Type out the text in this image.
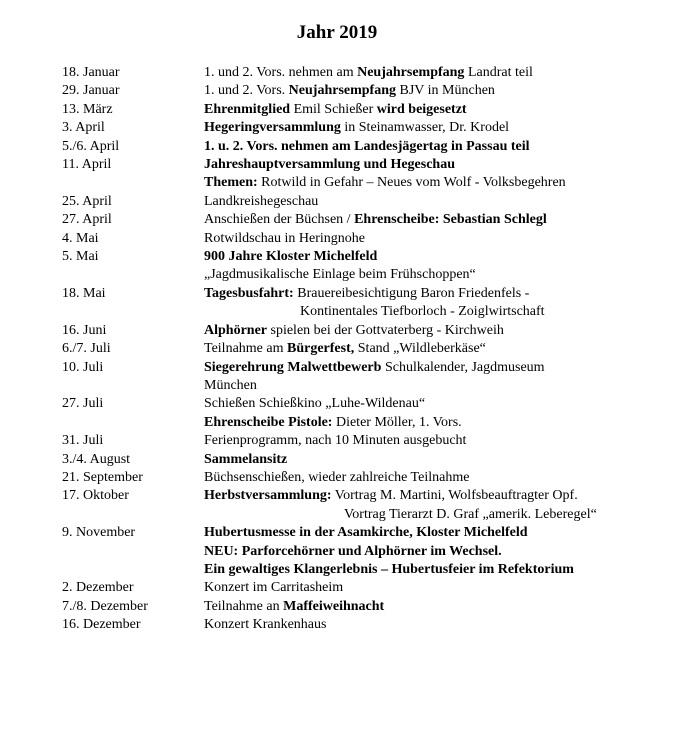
Jahr 2019
18. Januar	1. und 2. Vors. nehmen am Neujahrsempfang Landrat teil
29. Januar	1. und 2. Vors. Neujahrsempfang BJV in München
13. März	Ehrenmitglied Emil Schießer wird beigesetzt
3. April	Hegeringversammlung in Steinamwasser, Dr. Krodel
5./6. April	1. u. 2. Vors. nehmen am Landesjägertag in Passau teil
11. April	Jahreshauptversammlung und Hegeschau
Themen: Rotwild in Gefahr – Neues vom Wolf - Volksbegehren
25. April	Landkreishegeschau
27. April	Anschießen der Büchsen / Ehrenscheibe: Sebastian Schlegl
4. Mai	Rotwildschau in Heringnohe
5. Mai	900 Jahre Kloster Michelfeld
„Jagdmusikalische Einlage beim Frühschoppen“
18. Mai	Tagesbusfahrt: Brauereibesichtigung Baron Friedenfels -
Kontinentales Tiefborloch - Zoiglwirtschaft
16. Juni	Alphörner spielen bei der Gottvaterberg - Kirchweih
6./7. Juli	Teilnahme am Bürgerfest, Stand „Wildleberkäse“
10. Juli	Siegerehrung Malwettbewerb Schulkalender, Jagdmuseum
München
27. Juli	Schießen Schießkino „Luhe-Wildenau“
Ehrenscheibe Pistole: Dieter Möller, 1. Vors.
31. Juli	Ferienprogramm, nach 10 Minuten ausgebucht
3./4. August	Sammelansitz
21. September	Büchsenschießen, wieder zahlreiche Teilnahme
17. Oktober	Herbstversammlung: Vortrag M. Martini, Wolfsbeauftragter Opf.
Vortrag Tierarzt D. Graf „amerik. Leberegel“
9. November	Hubertusmesse in der Asamkirche, Kloster Michelfeld
NEU: Parforcehörner und Alphörner im Wechsel.
Ein gewaltiges Klangerlebnis – Hubertusfeier im Refektorium
2. Dezember	Konzert im Carritasheim
7./8. Dezember	Teilnahme an Maffeiweihnacht
16. Dezember	Konzert Krankenhaus
